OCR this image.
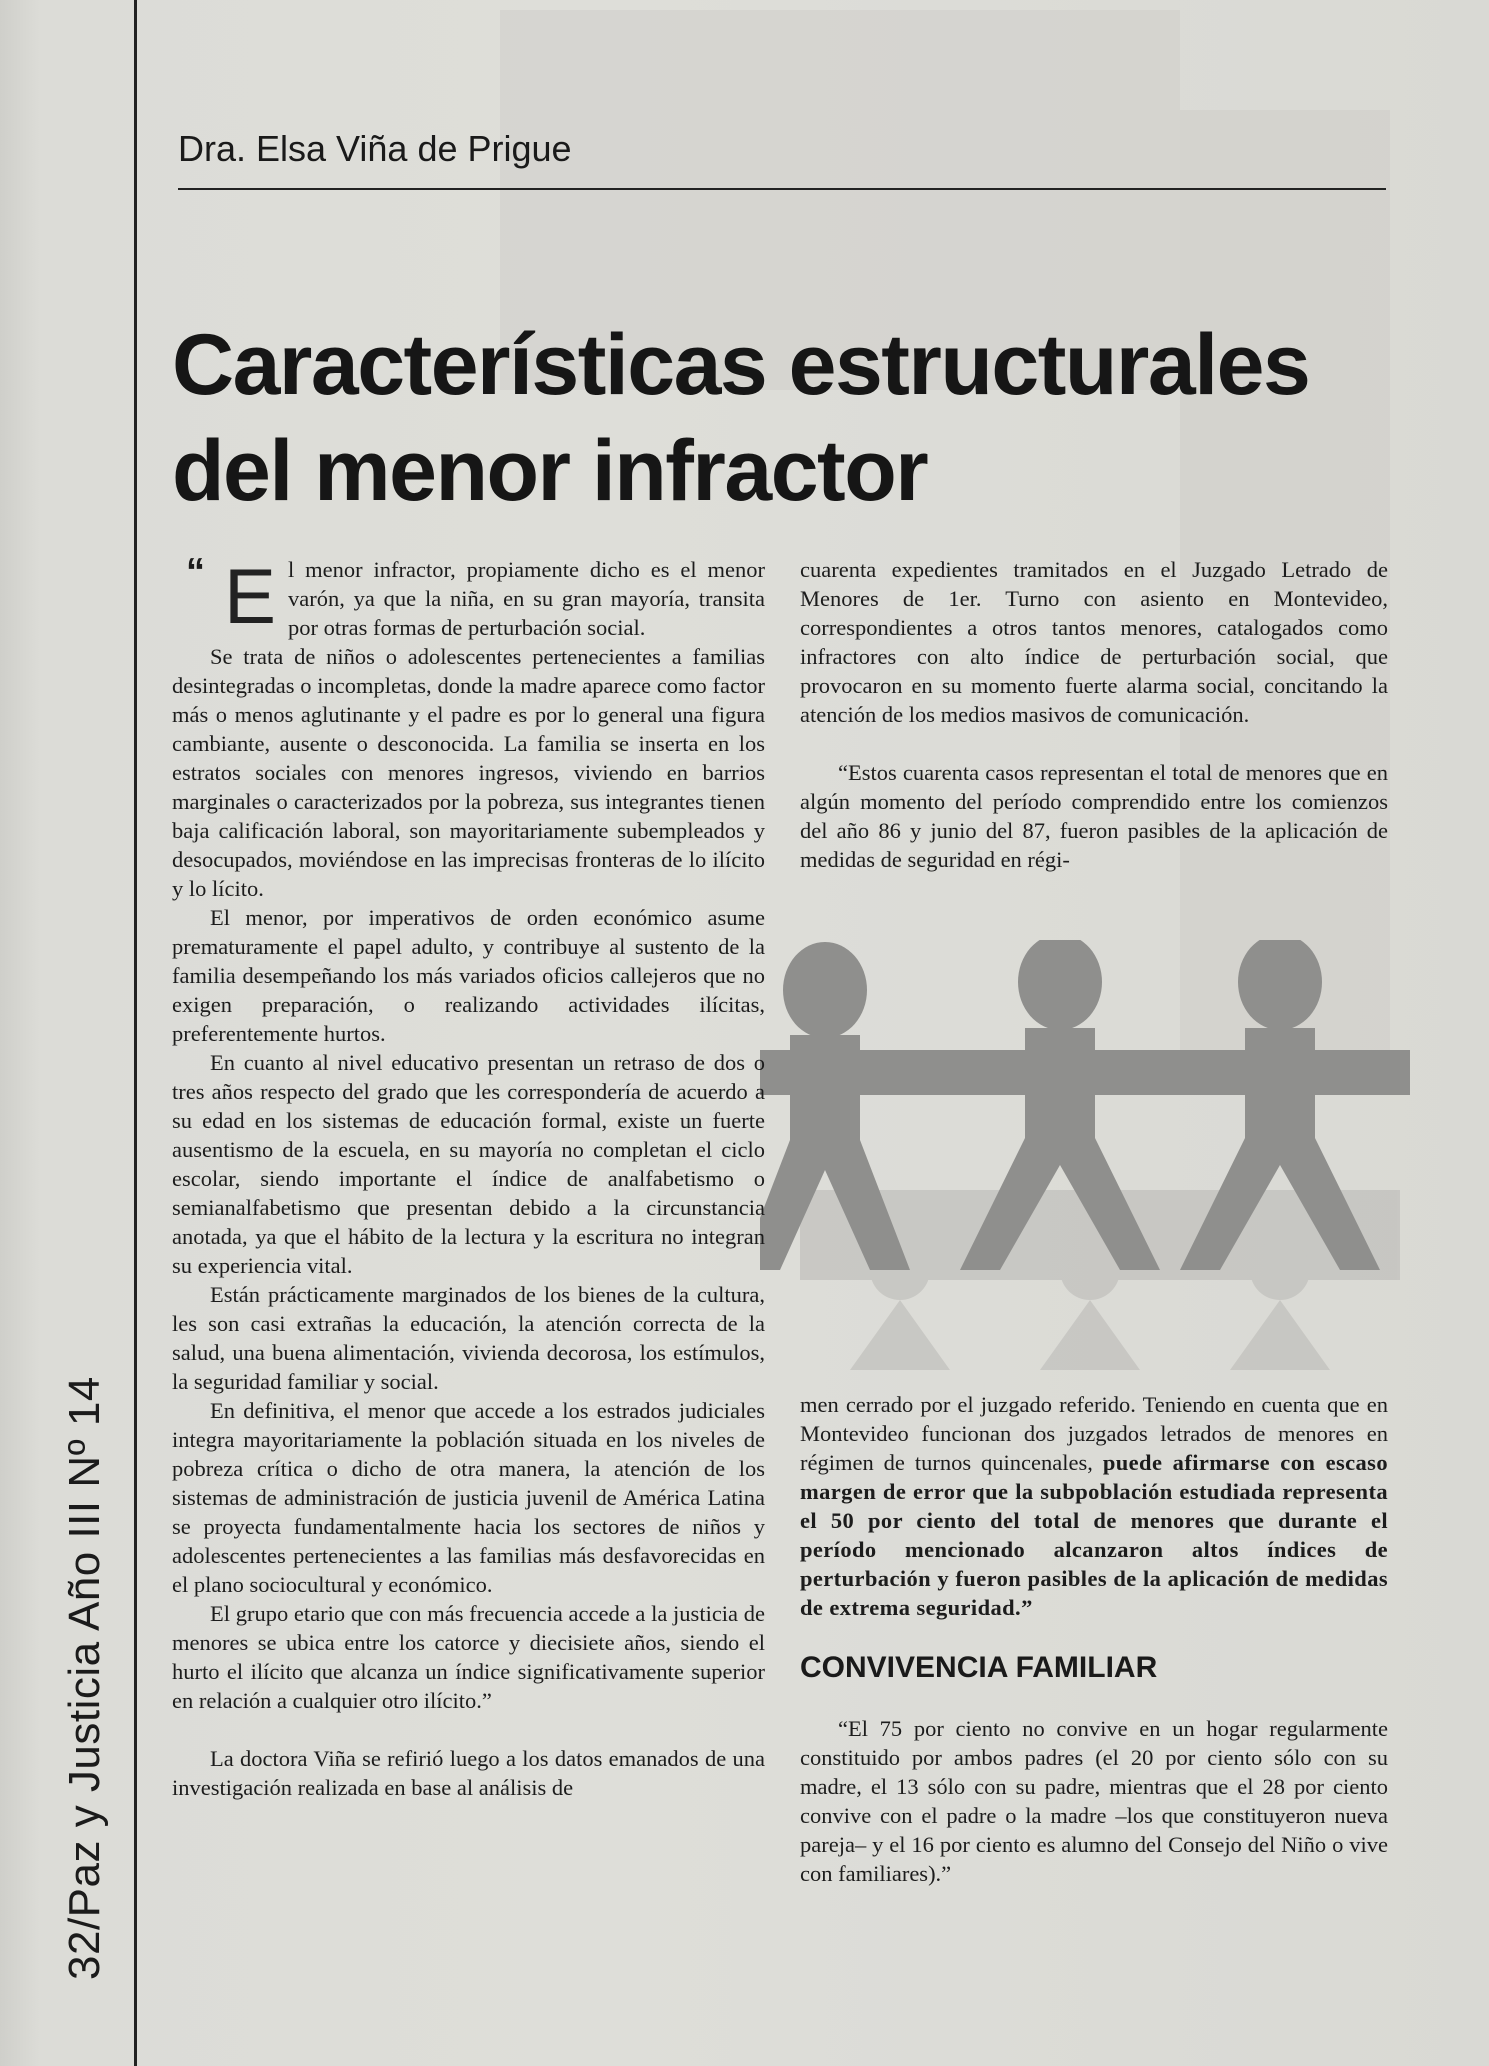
32/Paz y Justicia Año III Nº 14
Dra. Elsa Viña de Prigue
Características estructurales
del menor infractor
“ E l menor infractor, propiamente dicho es el menor varón, ya que la niña, en su gran mayoría, transita por otras formas de perturbación social.

Se trata de niños o adolescentes pertenecientes a familias desintegradas o incompletas, donde la madre aparece como factor más o menos aglutinante y el padre es por lo general una figura cambiante, ausente o desconocida. La familia se inserta en los estratos sociales con menores ingresos, viviendo en barrios marginales o caracterizados por la pobreza, sus integrantes tienen baja calificación laboral, son mayoritariamente subempleados y desocupados, moviéndose en las imprecisas fronteras de lo ilícito y lo lícito.

El menor, por imperativos de orden económico asume prematuramente el papel adulto, y contribuye al sustento de la familia desempeñando los más variados oficios callejeros que no exigen preparación, o realizando actividades ilícitas, preferentemente hurtos.

En cuanto al nivel educativo presentan un retraso de dos o tres años respecto del grado que les correspondería de acuerdo a su edad en los sistemas de educación formal, existe un fuerte ausentismo de la escuela, en su mayoría no completan el ciclo escolar, siendo importante el índice de analfabetismo o semianalfabetismo que presentan debido a la circunstancia anotada, ya que el hábito de la lectura y la escritura no integran su experiencia vital.

Están prácticamente marginados de los bienes de la cultura, les son casi extrañas la educación, la atención correcta de la salud, una buena alimentación, vivienda decorosa, los estímulos, la seguridad familiar y social.

En definitiva, el menor que accede a los estrados judiciales integra mayoritariamente la población situada en los niveles de pobreza crítica o dicho de otra manera, la atención de los sistemas de administración de justicia juvenil de América Latina se proyecta fundamentalmente hacia los sectores de niños y adolescentes pertenecientes a las familias más desfavorecidas en el plano sociocultural y económico.

El grupo etario que con más frecuencia accede a la justicia de menores se ubica entre los catorce y diecisiete años, siendo el hurto el ilícito que alcanza un índice significativamente superior en relación a cualquier otro ilícito.”

La doctora Viña se refirió luego a los datos emanados de una investigación realizada en base al análisis de

cuarenta expedientes tramitados en el Juzgado Letrado de Menores de 1er. Turno con asiento en Montevideo, correspondientes a otros tantos menores, catalogados como infractores con alto índice de perturbación social, que provocaron en su momento fuerte alarma social, concitando la atención de los medios masivos de comunicación.

“Estos cuarenta casos representan el total de menores que en algún momento del período comprendido entre los comienzos del año 86 y junio del 87, fueron pasibles de la aplicación de medidas de seguridad en régi-

men cerrado por el juzgado referido. Teniendo en cuenta que en Montevideo funcionan dos juzgados letrados de menores en régimen de turnos quincenales, puede afirmarse con escaso margen de error que la subpoblación estudiada representa el 50 por ciento del total de menores que durante el período mencionado alcanzaron altos índices de perturbación y fueron pasibles de la aplicación de medidas de extrema seguridad.”

CONVIVENCIA FAMILIAR

“El 75 por ciento no convive en un hogar regularmente constituido por ambos padres (el 20 por ciento sólo con su madre, el 13 sólo con su padre, mientras que el 28 por ciento convive con el padre o la madre –los que constituyeron nueva pareja– y el 16 por ciento es alumno del Consejo del Niño o vive con familiares).”
